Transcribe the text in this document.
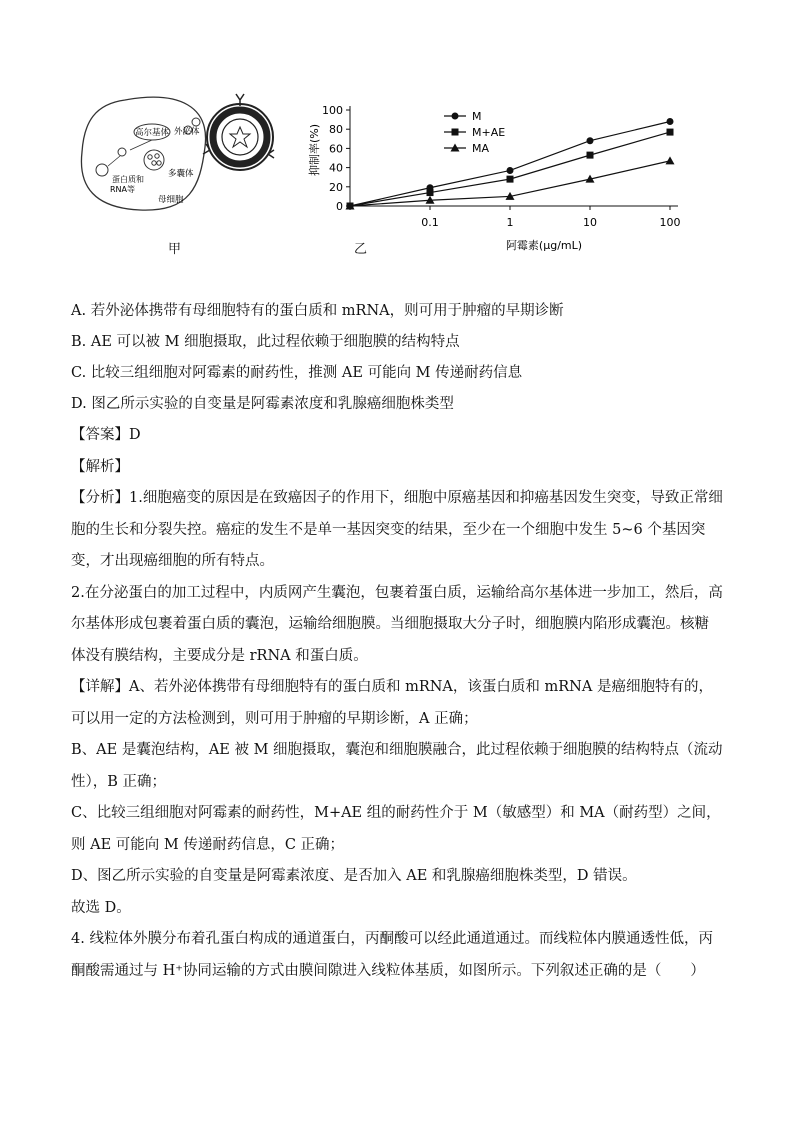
高尔基体
多囊体
外泌体
蛋白质和
RNA等
母细胞
甲
0
20
40
60
80
100
0.1	1	10	100
M
M+AE
MA
抑制率(%)
阿霉素(μg/mL)
乙

A. 若外泌体携带有母细胞特有的蛋白质和 mRNA，则可用于肿瘤的早期诊断

B. AE 可以被 M 细胞摄取，此过程依赖于细胞膜的结构特点

C. 比较三组细胞对阿霉素的耐药性，推测 AE 可能向 M 传递耐药信息

D. 图乙所示实验的自变量是阿霉素浓度和乳腺癌细胞株类型

【答案】D

【解析】

【分析】1.细胞癌变的原因是在致癌因子的作用下，细胞中原癌基因和抑癌基因发生突变，导致正常细胞的生长和分裂失控。癌症的发生不是单一基因突变的结果，至少在一个细胞中发生 5~6 个基因突变，才出现癌细胞的所有特点。

2.在分泌蛋白的加工过程中，内质网产生囊泡，包裹着蛋白质，运输给高尔基体进一步加工，然后，高尔基体形成包裹着蛋白质的囊泡，运输给细胞膜。当细胞摄取大分子时，细胞膜内陷形成囊泡。核糖体没有膜结构，主要成分是 rRNA 和蛋白质。

【详解】A、若外泌体携带有母细胞特有的蛋白质和 mRNA，该蛋白质和 mRNA 是癌细胞特有的，可以用一定的方法检测到，则可用于肿瘤的早期诊断，A 正确；

B、AE 是囊泡结构，AE 被 M 细胞摄取，囊泡和细胞膜融合，此过程依赖于细胞膜的结构特点（流动性），B 正确；

C、比较三组细胞对阿霉素的耐药性，M+AE 组的耐药性介于 M（敏感型）和 MA（耐药型）之间，则 AE 可能向 M 传递耐药信息，C 正确；

D、图乙所示实验的自变量是阿霉素浓度、是否加入 AE 和乳腺癌细胞株类型，D 错误。

故选 D。

4. 线粒体外膜分布着孔蛋白构成的通道蛋白，丙酮酸可以经此通道通过。而线粒体内膜通透性低，丙酮酸需通过与 H⁺协同运输的方式由膜间隙进入线粒体基质，如图所示。下列叙述正确的是（　　）
